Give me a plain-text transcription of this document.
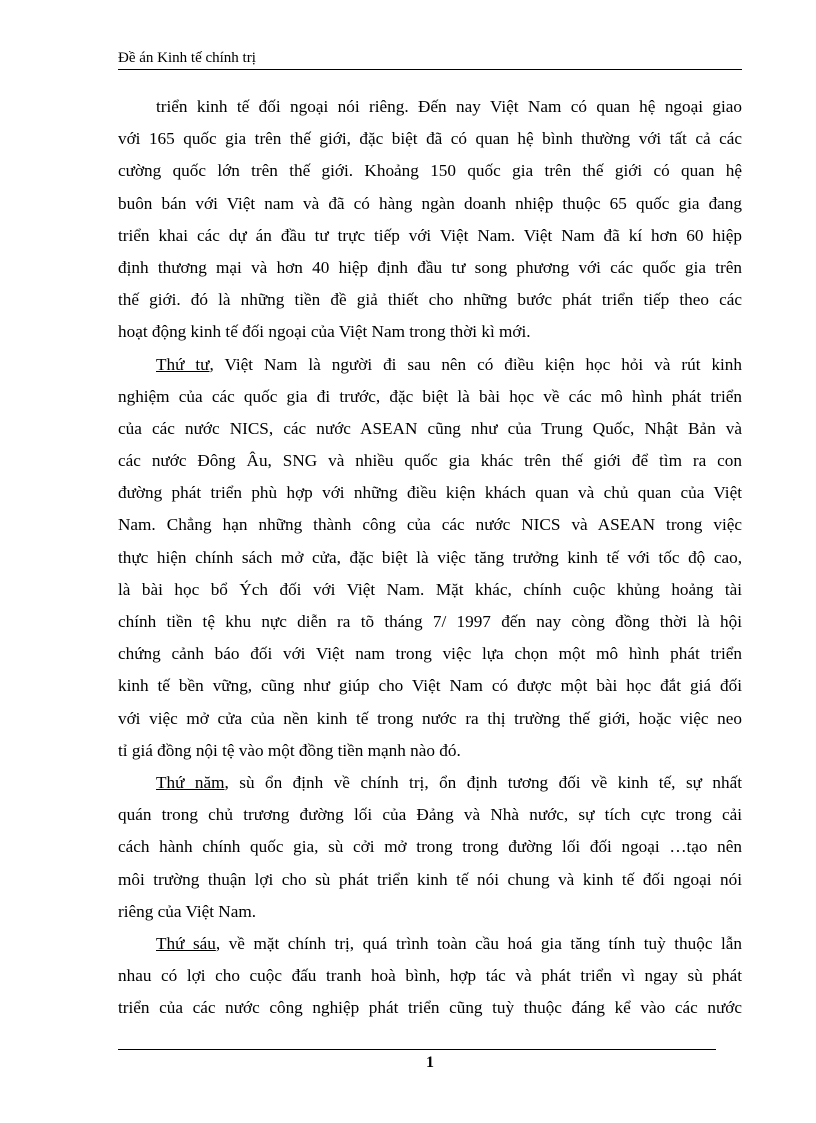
Đề án Kinh tế chính trị
triển kinh tế đối ngoại nói riêng. Đến nay Việt Nam có quan hệ ngoại giao
với 165 quốc gia trên thế giới, đặc biệt đã có quan hệ bình thường với tất cả các
cường quốc lớn trên thế giới. Khoảng 150 quốc gia trên thế giới có quan hệ
buôn bán với Việt nam và đã có hàng ngàn doanh nhiệp thuộc 65 quốc gia đang
triển khai các dự án đầu tư trực tiếp với Việt Nam. Việt Nam đã kí hơn 60 hiệp
định thương mại và hơn 40 hiệp định đầu tư song phương với các quốc gia trên
thế giới. đó là những tiền đề giả thiết cho những bước phát triển tiếp theo các
hoạt động kinh tế đối ngoại của Việt Nam trong thời kì mới.
Thứ tư, Việt Nam là người đi sau nên có điều kiện học hỏi và rút kinh
nghiệm của các quốc gia đi trước, đặc biệt là bài học về các mô hình phát triển
của các nước NICS, các nước ASEAN cũng như của Trung Quốc, Nhật Bản và
các nước Đông Âu, SNG và nhiều quốc gia khác trên thế giới để tìm ra con
đường phát triển phù hợp với những điều kiện khách quan và chủ quan của Việt
Nam. Chẳng hạn những thành công của các nước NICS và ASEAN trong việc
thực hiện chính sách mở cửa, đặc biệt là việc tăng trưởng kinh tế với tốc độ cao,
là bài học bổ Ých đối với Việt Nam. Mặt khác, chính cuộc khủng hoảng tài
chính tiền tệ khu nực diễn ra tõ tháng 7/ 1997 đến nay còng đồng thời là hội
chứng cảnh báo đối với Việt nam trong việc lựa chọn một mô hình phát triển
kinh tế bền vững, cũng như giúp cho Việt Nam có được một bài học đắt giá đối
với việc mở cửa của nền kinh tế trong nước ra thị trường thế giới, hoặc việc neo
tỉ giá đồng nội tệ vào một đồng tiền mạnh nào đó.
Thứ năm, sù ổn định về chính trị, ổn định tương đối về kinh tế, sự nhất
quán trong chủ trương đường lối của Đảng và Nhà nước, sự tích cực trong cải
cách hành chính quốc gia, sù cởi mở trong trong đường lối đối ngoại …tạo nên
môi trường thuận lợi cho sù phát triển kinh tế nói chung và kinh tế đối ngoại nói
riêng của Việt Nam.
Thứ sáu, về mặt chính trị, quá trình toàn cầu hoá gia tăng tính tuỳ thuộc lẫn
nhau có lợi cho cuộc đấu tranh hoà bình, hợp tác và phát triển vì ngay sù phát
triển của các nước công nghiệp phát triển cũng tuỳ thuộc đáng kể vào các nước
1
